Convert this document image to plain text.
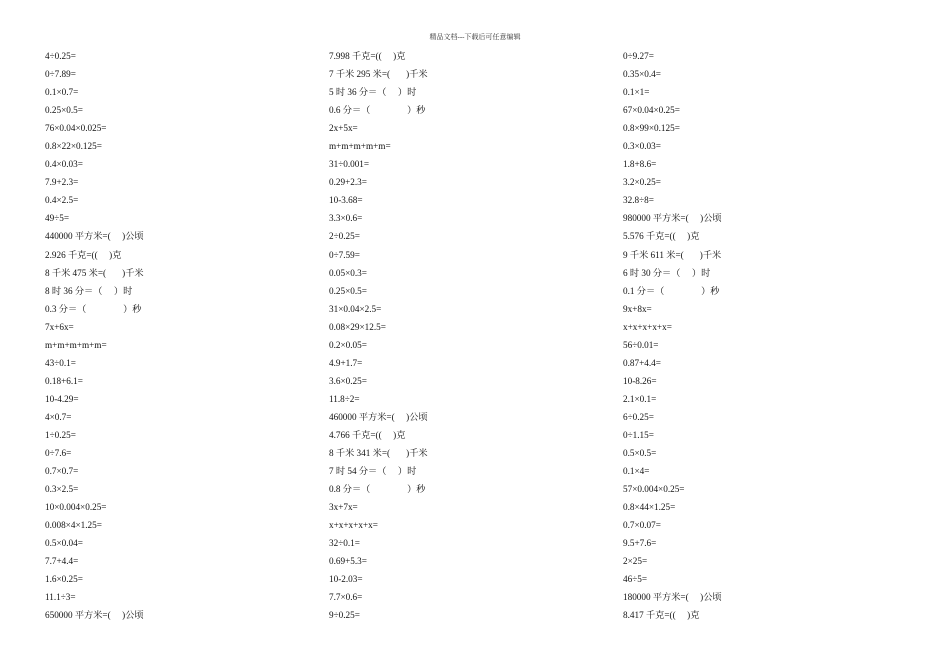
精品文档---下载后可任意编辑
4÷0.25=
0÷7.89=
0.1×0.7=
0.25×0.5=
76×0.04×0.025=
0.8×22×0.125=
0.4×0.03=
7.9+2.3=
0.4×2.5=
49÷5=
440000 平方米=(     )公顷
2.926 千克=((     )克
8 千米 475 米=(       )千米
8 时 36 分＝（     ）时
0.3 分＝（                ）秒
7x+6x=
m+m+m+m+m=
43÷0.1=
0.18+6.1=
10-4.29=
4×0.7=
1÷0.25=
0÷7.6=
0.7×0.7=
0.3×2.5=
10×0.004×0.25=
0.008×4×1.25=
0.5×0.04=
7.7+4.4=
1.6×0.25=
11.1÷3=
650000 平方米=(     )公顷
7.998 千克=((     )克
7 千米 295 米=(       )千米
5 时 36 分＝（     ）时
0.6 分＝（                ）秒
2x+5x=
m+m+m+m+m=
31÷0.001=
0.29+2.3=
10-3.68=
3.3×0.6=
2÷0.25=
0÷7.59=
0.05×0.3=
0.25×0.5=
31×0.04×2.5=
0.08×29×12.5=
0.2×0.05=
4.9+1.7=
3.6×0.25=
11.8÷2=
460000 平方米=(     )公顷
4.766 千克=((     )克
8 千米 341 米=(       )千米
7 时 54 分＝（     ）时
0.8 分＝（                ）秒
3x+7x=
x+x+x+x+x=
32÷0.1=
0.69+5.3=
10-2.03=
7.7×0.6=
9÷0.25=
0÷9.27=
0.35×0.4=
0.1×1=
67×0.04×0.25=
0.8×99×0.125=
0.3×0.03=
1.8+8.6=
3.2×0.25=
32.8÷8=
980000 平方米=(     )公顷
5.576 千克=((     )克
9 千米 611 米=(       )千米
6 时 30 分＝（     ）时
0.1 分＝（                ）秒
9x+8x=
x+x+x+x+x=
56÷0.01=
0.87+4.4=
10-8.26=
2.1×0.1=
6÷0.25=
0÷1.15=
0.5×0.5=
0.1×4=
57×0.004×0.25=
0.8×44×1.25=
0.7×0.07=
9.5+7.6=
2×25=
46÷5=
180000 平方米=(     )公顷
8.417 千克=((     )克
